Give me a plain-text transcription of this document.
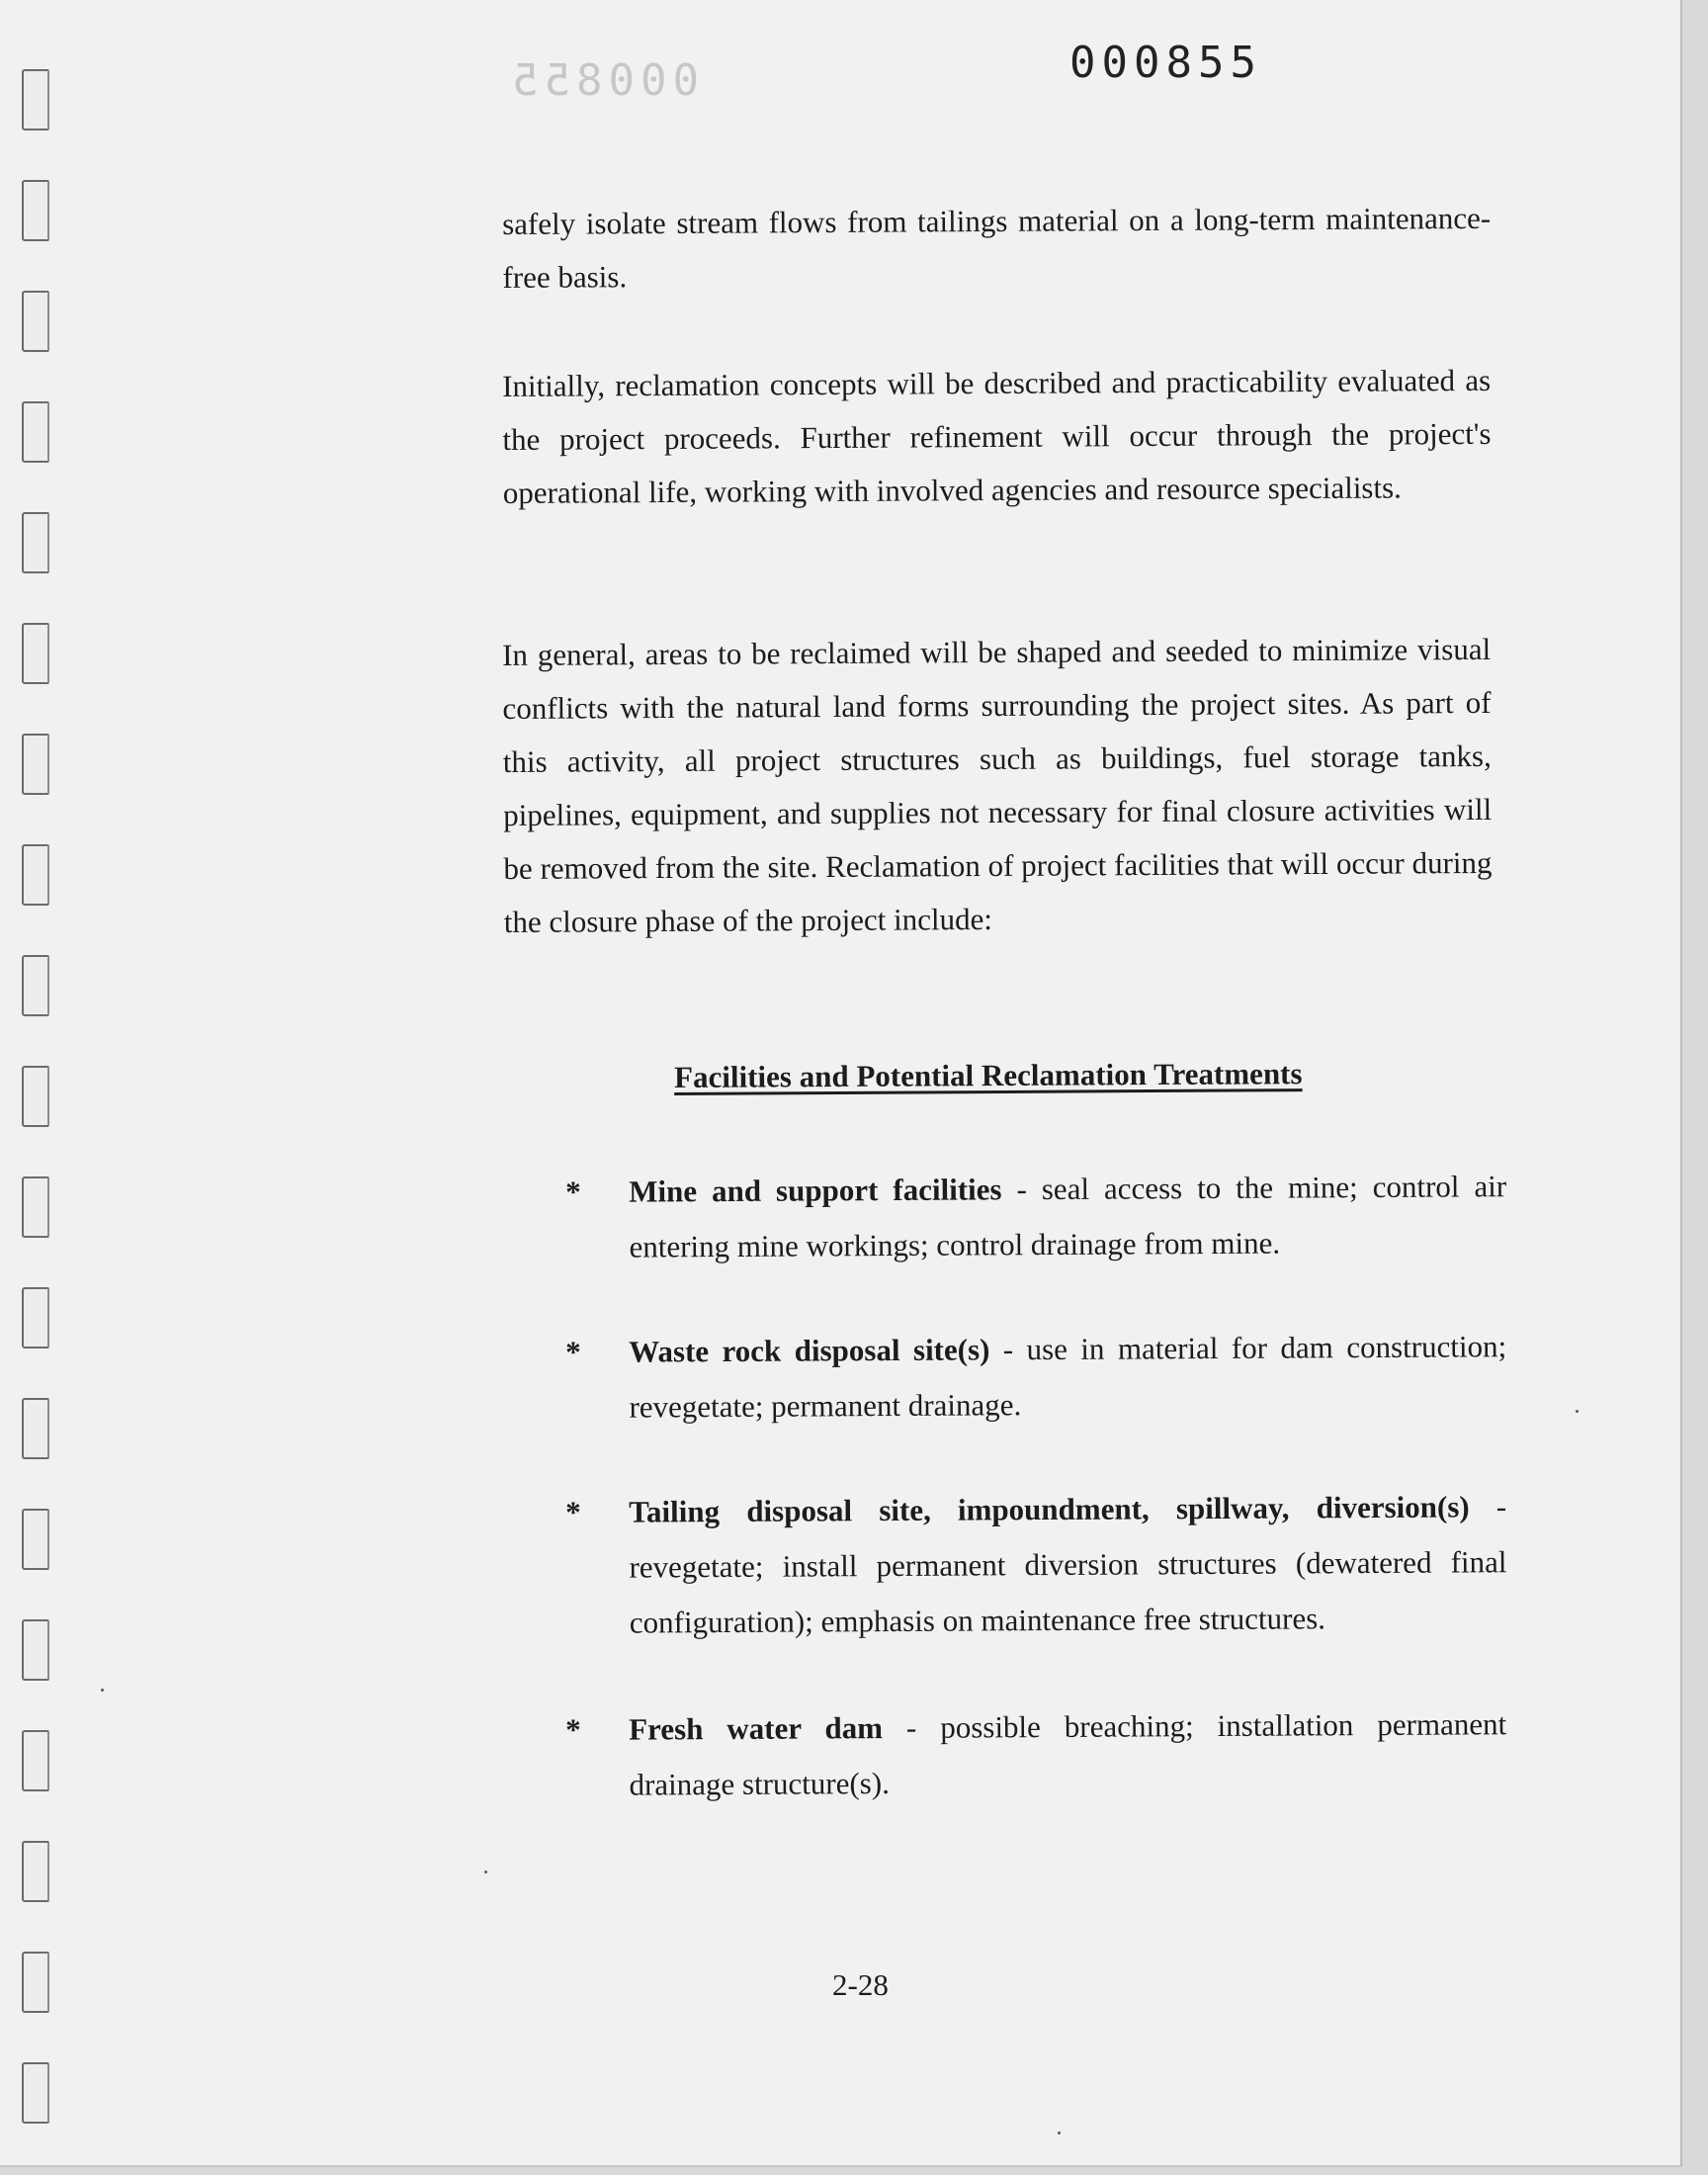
000855	000855

safely isolate stream flows from tailings material on a long-term maintenance-free basis.

Initially, reclamation concepts will be described and practicability evaluated as the project proceeds. Further refinement will occur through the project's operational life, working with involved agencies and resource specialists.

In general, areas to be reclaimed will be shaped and seeded to minimize visual conflicts with the natural land forms surrounding the project sites. As part of this activity, all project structures such as buildings, fuel storage tanks, pipelines, equipment, and supplies not necessary for final closure activities will be removed from the site. Reclamation of project facilities that will occur during the closure phase of the project include:

Facilities and Potential Reclamation Treatments
* Mine and support facilities - seal access to the mine; control air entering mine workings; control drainage from mine.
* Waste rock disposal site(s) - use in material for dam construction; revegetate; permanent drainage.
* Tailing disposal site, impoundment, spillway, diversion(s) - revegetate; install permanent diversion structures (dewatered final configuration); emphasis on maintenance free structures.
* Fresh water dam - possible breaching; installation permanent drainage structure(s).
2-28
